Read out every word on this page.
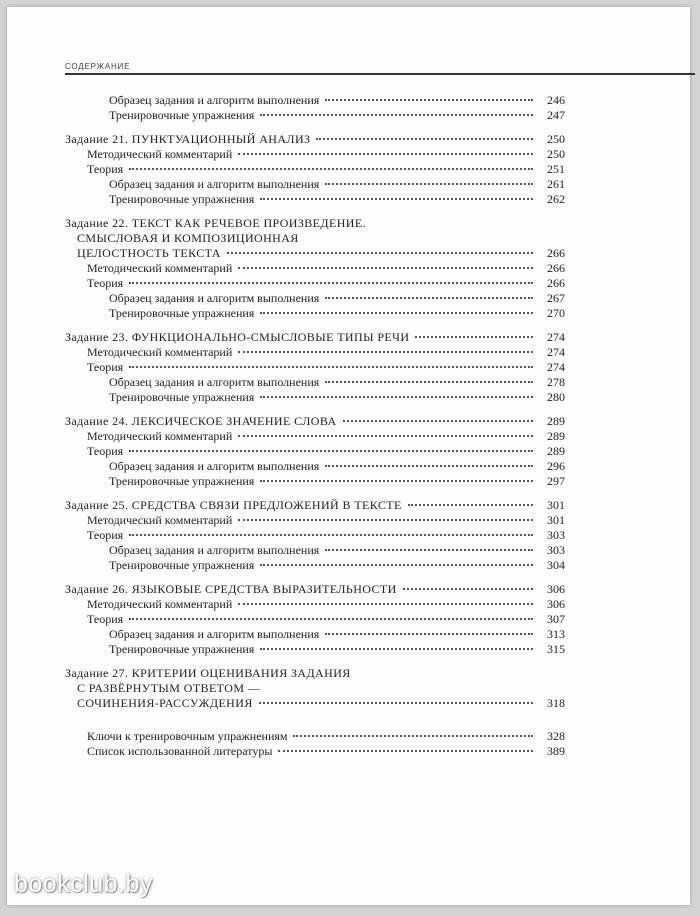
СОДЕРЖАНИЕ
Образец задания и алгоритм выполнения	246
Тренировочные упражнения	247
Задание 21. ПУНКТУАЦИОННЫЙ АНАЛИЗ	250
Методический комментарий	250
Теория	251
Образец задания и алгоритм выполнения	261
Тренировочные упражнения	262
Задание 22. ТЕКСТ КАК РЕЧЕВОЕ ПРОИЗВЕДЕНИЕ.
СМЫСЛОВАЯ И КОМПОЗИЦИОННАЯ
ЦЕЛОСТНОСТЬ ТЕКСТА	266
Методический комментарий	266
Теория	266
Образец задания и алгоритм выполнения	267
Тренировочные упражнения	270
Задание 23. ФУНКЦИОНАЛЬНО-СМЫСЛОВЫЕ ТИПЫ РЕЧИ	274
Методический комментарий	274
Теория	274
Образец задания и алгоритм выполнения	278
Тренировочные упражнения	280
Задание 24. ЛЕКСИЧЕСКОЕ ЗНАЧЕНИЕ СЛОВА	289
Методический комментарий	289
Теория	289
Образец задания и алгоритм выполнения	296
Тренировочные упражнения	297
Задание 25. СРЕДСТВА СВЯЗИ ПРЕДЛОЖЕНИЙ В ТЕКСТЕ	301
Методический комментарий	301
Теория	303
Образец задания и алгоритм выполнения	303
Тренировочные упражнения	304
Задание 26. ЯЗЫКОВЫЕ СРЕДСТВА ВЫРАЗИТЕЛЬНОСТИ	306
Методический комментарий	306
Теория	307
Образец задания и алгоритм выполнения	313
Тренировочные упражнения	315
Задание 27. КРИТЕРИИ ОЦЕНИВАНИЯ ЗАДАНИЯ
С РАЗВЁРНУТЫМ ОТВЕТОМ —
СОЧИНЕНИЯ-РАССУЖДЕНИЯ	318
Ключи к тренировочным упражнениям	328
Список использованной литературы	389
bookclub.by
